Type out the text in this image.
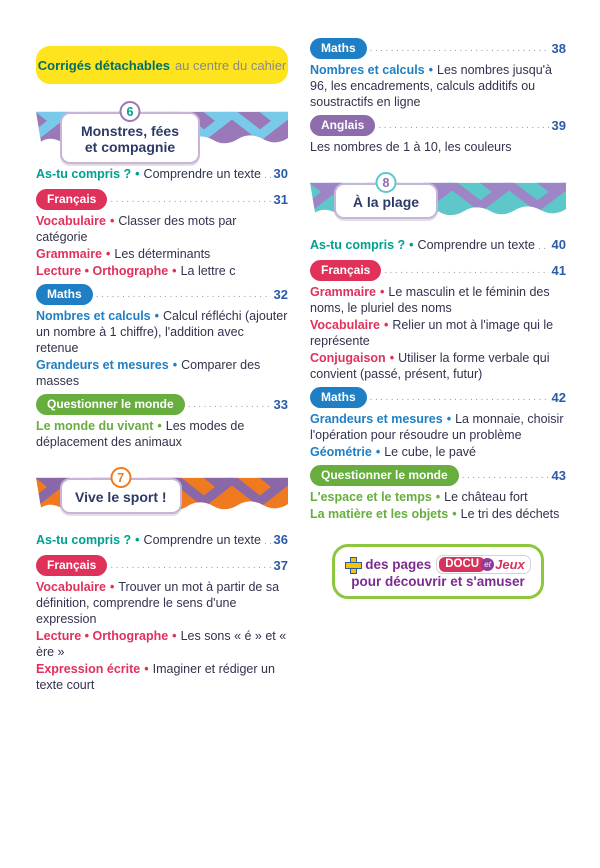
Corrigés détachables au centre du cahier
6
Monstres, fées et compagnie
As-tu compris ? • Comprendre un texte ..... 30
Français .....	31

Vocabulaire • Classer des mots par catégorie

Grammaire • Les déterminants

Lecture • Orthographe • La lettre c

Maths .....	32

Nombres et calculs • Calcul réfléchi (ajouter un nombre à 1 chiffre), l'addition avec retenue

Grandeurs et mesures • Comparer des masses

Questionner le monde .....	33

Le monde du vivant • Les modes de déplacement des animaux

7
Vive le sport !
As-tu compris ? • Comprendre un texte ..... 36
Français .....	37

Vocabulaire • Trouver un mot à partir de sa définition, comprendre le sens d'une expression

Lecture • Orthographe • Les sons « é » et « ère »

Expression écrite • Imaginer et rédiger un texte court

Maths .....	38

Nombres et calculs • Les nombres jusqu'à 96, les encadrements, calculs additifs ou soustractifs en ligne

Anglais .....	39

Les nombres de 1 à 10, les couleurs

8
À la plage
As-tu compris ? • Comprendre un texte ..... 40
Français .....	41

Grammaire • Le masculin et le féminin des noms, le pluriel des noms

Vocabulaire • Relier un mot à l'image qui le représente

Conjugaison • Utiliser la forme verbale qui convient (passé, présent, futur)

Maths .....	42

Grandeurs et mesures • La monnaie, choisir l'opération pour résoudre un problème

Géométrie • Le cube, le pavé

Questionner le monde .....	43

L'espace et le temps • Le château fort

La matière et les objets • Le tri des déchets

des pages	DOCU et Jeux
pour découvrir et s'amuser
